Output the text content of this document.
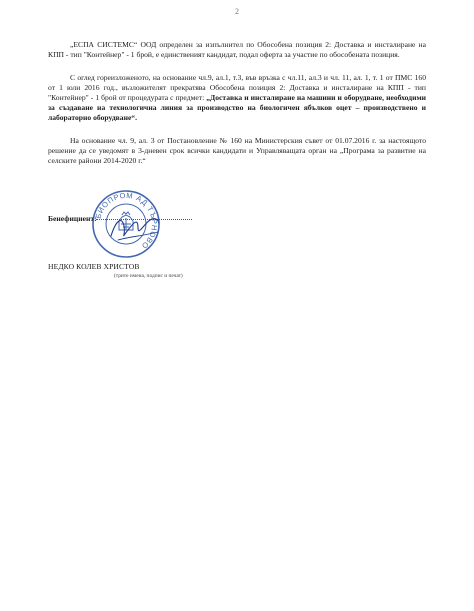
2
„ЕСПА СИСТЕМС“ ООД определен за изпълнител по Обособена позиция 2: Доставка и инсталиране на КПП - тип "Контейнер" - 1 брой, е единственият кандидат, подал оферта за участие по обособената позиция.
С оглед гореизложеното, на основание чл.9, ал.1, т.3, във връзка с чл.11, ал.3 и чл. 11, ал. 1, т. 1 от ПМС 160 от 1 юли 2016 год., възложителят прекратява Обособена позиция 2: Доставка и инсталиране на КПП - тип "Контейнер" - 1 брой от процедурата с предмет: „Доставка и инсталиране на машини и оборудване, необходими за създаване на технологична линия за производство на биологичен ябълков оцет – производствено и лабораторно оборудване“.
На основание чл. 9, ал. 3 от Постановление № 160 на Министерския съвет от 01.07.2016 г. за настоящото решение да се уведомят в 3-дневен срок всички кандидати и Управляващата орган на „Програма за развитие на селските райони 2014-2020 г.“
Бенефициент:
БИОПРОМ АД ТЪРНОВО
НЕДКО КОЛЕВ ХРИСТОВ
(трите имена, подпис и печат)
